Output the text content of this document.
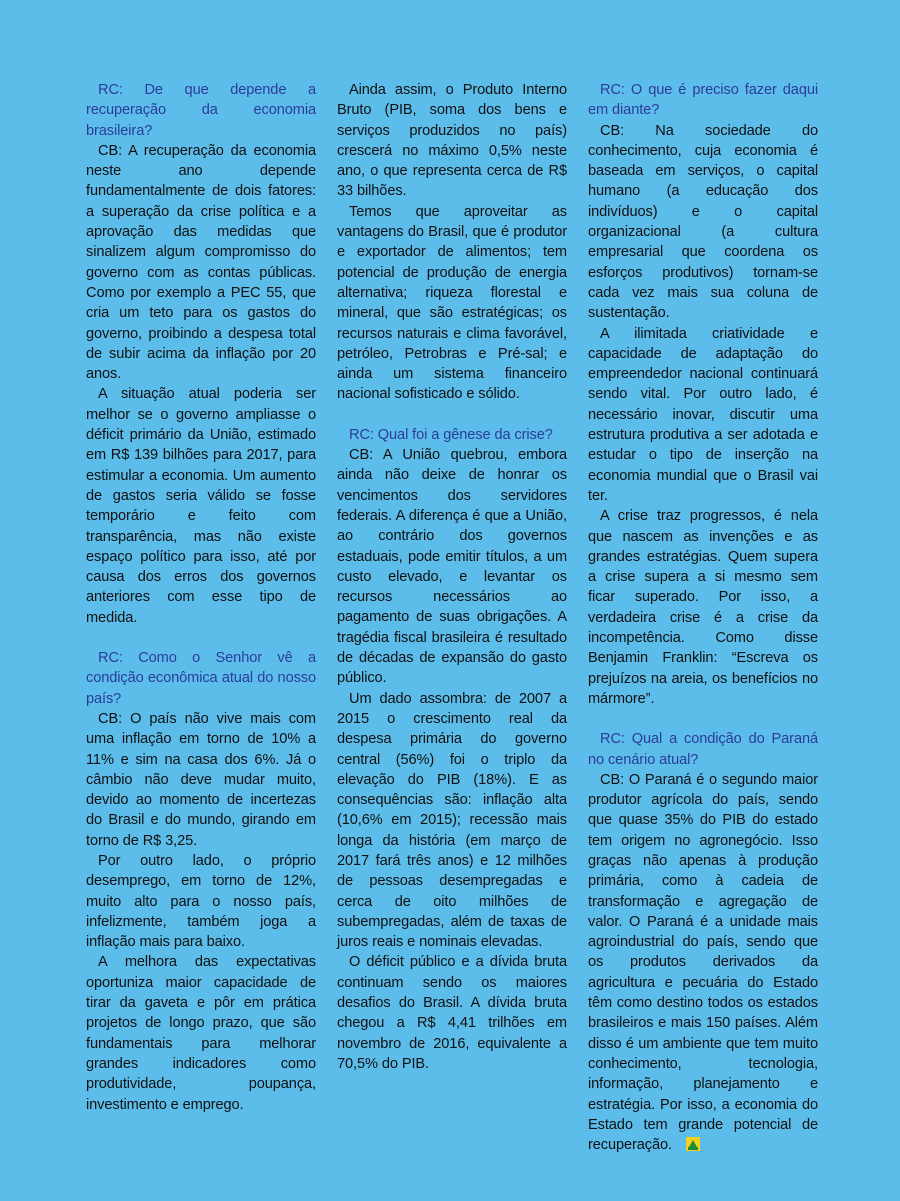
RC: De que depende a recuperação da economia brasileira?

CB: A recuperação da economia neste ano depende fundamentalmente de dois fatores: a superação da crise política e a aprovação das medidas que sinalizem algum compromisso do governo com as contas públicas. Como por exemplo a PEC 55, que cria um teto para os gastos do governo, proibindo a despesa total de subir acima da inflação por 20 anos.

A situação atual poderia ser melhor se o governo ampliasse o déficit primário da União, estimado em R$ 139 bilhões para 2017, para estimular a economia. Um aumento de gastos seria válido se fosse temporário e feito com transparência, mas não existe espaço político para isso, até por causa dos erros dos governos anteriores com esse tipo de medida.

RC: Como o Senhor vê a condição econômica atual do nosso país?

CB: O país não vive mais com uma inflação em torno de 10% a 11% e sim na casa dos 6%. Já o câmbio não deve mudar muito, devido ao momento de incertezas do Brasil e do mundo, girando em torno de R$ 3,25.

Por outro lado, o próprio desemprego, em torno de 12%, muito alto para o nosso país, infelizmente, também joga a inflação mais para baixo.

A melhora das expectativas oportuniza maior capacidade de tirar da gaveta e pôr em prática projetos de longo prazo, que são fundamentais para melhorar grandes indicadores como produtividade, poupança, investimento e emprego.

Ainda assim, o Produto Interno Bruto (PIB, soma dos bens e serviços produzidos no país) crescerá no máximo 0,5% neste ano, o que representa cerca de R$ 33 bilhões.

Temos que aproveitar as vantagens do Brasil, que é produtor e exportador de alimentos; tem potencial de produção de energia alternativa; riqueza florestal e mineral, que são estratégicas; os recursos naturais e clima favorável, petróleo, Petrobras e Pré-sal; e ainda um sistema financeiro nacional sofisticado e sólido.

RC: Qual foi a gênese da crise?

CB: A União quebrou, embora ainda não deixe de honrar os vencimentos dos servidores federais. A diferença é que a União, ao contrário dos governos estaduais, pode emitir títulos, a um custo elevado, e levantar os recursos necessários ao pagamento de suas obrigações. A tragédia fiscal brasileira é resultado de décadas de expansão do gasto público.

Um dado assombra: de 2007 a 2015 o crescimento real da despesa primária do governo central (56%) foi o triplo da elevação do PIB (18%). E as consequências são: inflação alta (10,6% em 2015); recessão mais longa da história (em março de 2017 fará três anos) e 12 milhões de pessoas desempregadas e cerca de oito milhões de subempregadas, além de taxas de juros reais e nominais elevadas.

O déficit público e a dívida bruta continuam sendo os maiores desafios do Brasil. A dívida bruta chegou a R$ 4,41 trilhões em novembro de 2016, equivalente a 70,5% do PIB.

RC: O que é preciso fazer daqui em diante?

CB: Na sociedade do conhecimento, cuja economia é baseada em serviços, o capital humano (a educação dos indivíduos) e o capital organizacional (a cultura empresarial que coordena os esforços produtivos) tornam-se cada vez mais sua coluna de sustentação.

A ilimitada criatividade e capacidade de adaptação do empreendedor nacional continuará sendo vital. Por outro lado, é necessário inovar, discutir uma estrutura produtiva a ser adotada e estudar o tipo de inserção na economia mundial que o Brasil vai ter.

A crise traz progressos, é nela que nascem as invenções e as grandes estratégias. Quem supera a crise supera a si mesmo sem ficar superado. Por isso, a verdadeira crise é a crise da incompetência. Como disse Benjamin Franklin: “Escreva os prejuízos na areia, os benefícios no mármore”.

RC: Qual a condição do Paraná no cenário atual?

CB: O Paraná é o segundo maior produtor agrícola do país, sendo que quase 35% do PIB do estado tem origem no agronegócio. Isso graças não apenas à produção primária, como à cadeia de transformação e agregação de valor. O Paraná é a unidade mais agroindustrial do país, sendo que os produtos derivados da agricultura e pecuária do Estado têm como destino todos os estados brasileiros e mais 150 países. Além disso é um ambiente que tem muito conhecimento, tecnologia, informação, planejamento e estratégia. Por isso, a economia do Estado tem grande potencial de recuperação.
